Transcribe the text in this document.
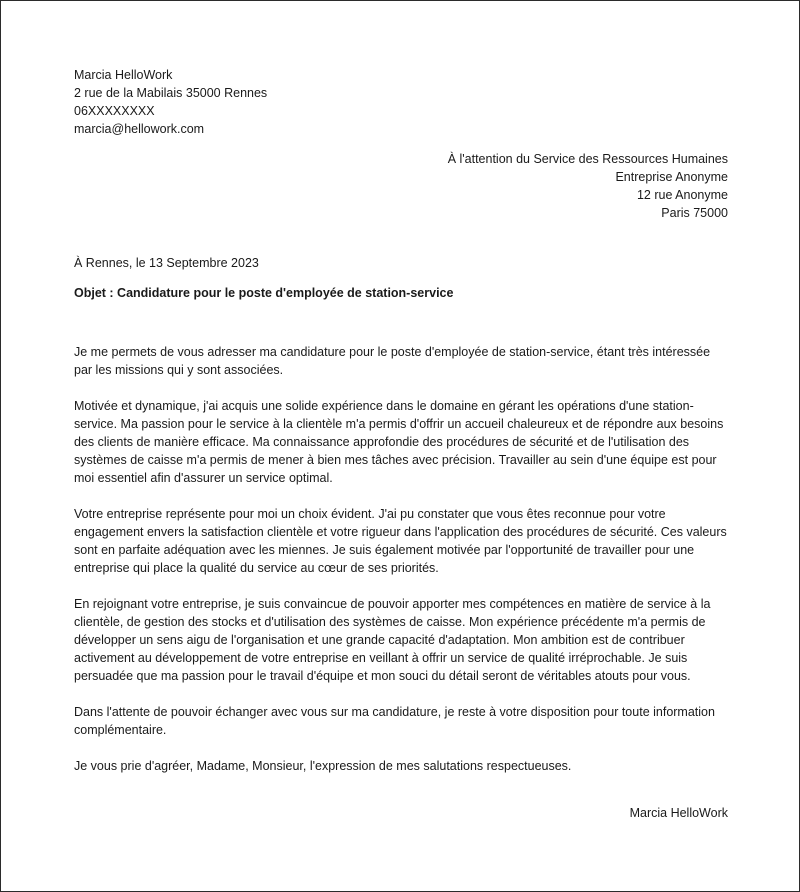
Marcia HelloWork
2 rue de la Mabilais 35000 Rennes
06XXXXXXXX
marcia@hellowork.com
À l'attention du Service des Ressources Humaines
Entreprise Anonyme
12 rue Anonyme
Paris 75000
À Rennes, le 13 Septembre 2023
Objet : Candidature pour le poste d'employée de station-service

Je me permets de vous adresser ma candidature pour le poste d'employée de station-service, étant très intéressée par les missions qui y sont associées.

Motivée et dynamique, j'ai acquis une solide expérience dans le domaine en gérant les opérations d'une station-service. Ma passion pour le service à la clientèle m'a permis d'offrir un accueil chaleureux et de répondre aux besoins des clients de manière efficace. Ma connaissance approfondie des procédures de sécurité et de l'utilisation des systèmes de caisse m'a permis de mener à bien mes tâches avec précision. Travailler au sein d'une équipe est pour moi essentiel afin d'assurer un service optimal.

Votre entreprise représente pour moi un choix évident. J'ai pu constater que vous êtes reconnue pour votre engagement envers la satisfaction clientèle et votre rigueur dans l'application des procédures de sécurité. Ces valeurs sont en parfaite adéquation avec les miennes. Je suis également motivée par l'opportunité de travailler pour une entreprise qui place la qualité du service au cœur de ses priorités.

En rejoignant votre entreprise, je suis convaincue de pouvoir apporter mes compétences en matière de service à la clientèle, de gestion des stocks et d'utilisation des systèmes de caisse. Mon expérience précédente m'a permis de développer un sens aigu de l'organisation et une grande capacité d'adaptation. Mon ambition est de contribuer activement au développement de votre entreprise en veillant à offrir un service de qualité irréprochable. Je suis persuadée que ma passion pour le travail d'équipe et mon souci du détail seront de véritables atouts pour vous.

Dans l'attente de pouvoir échanger avec vous sur ma candidature, je reste à votre disposition pour toute information complémentaire.

Je vous prie d'agréer, Madame, Monsieur, l'expression de mes salutations respectueuses.
Marcia HelloWork
